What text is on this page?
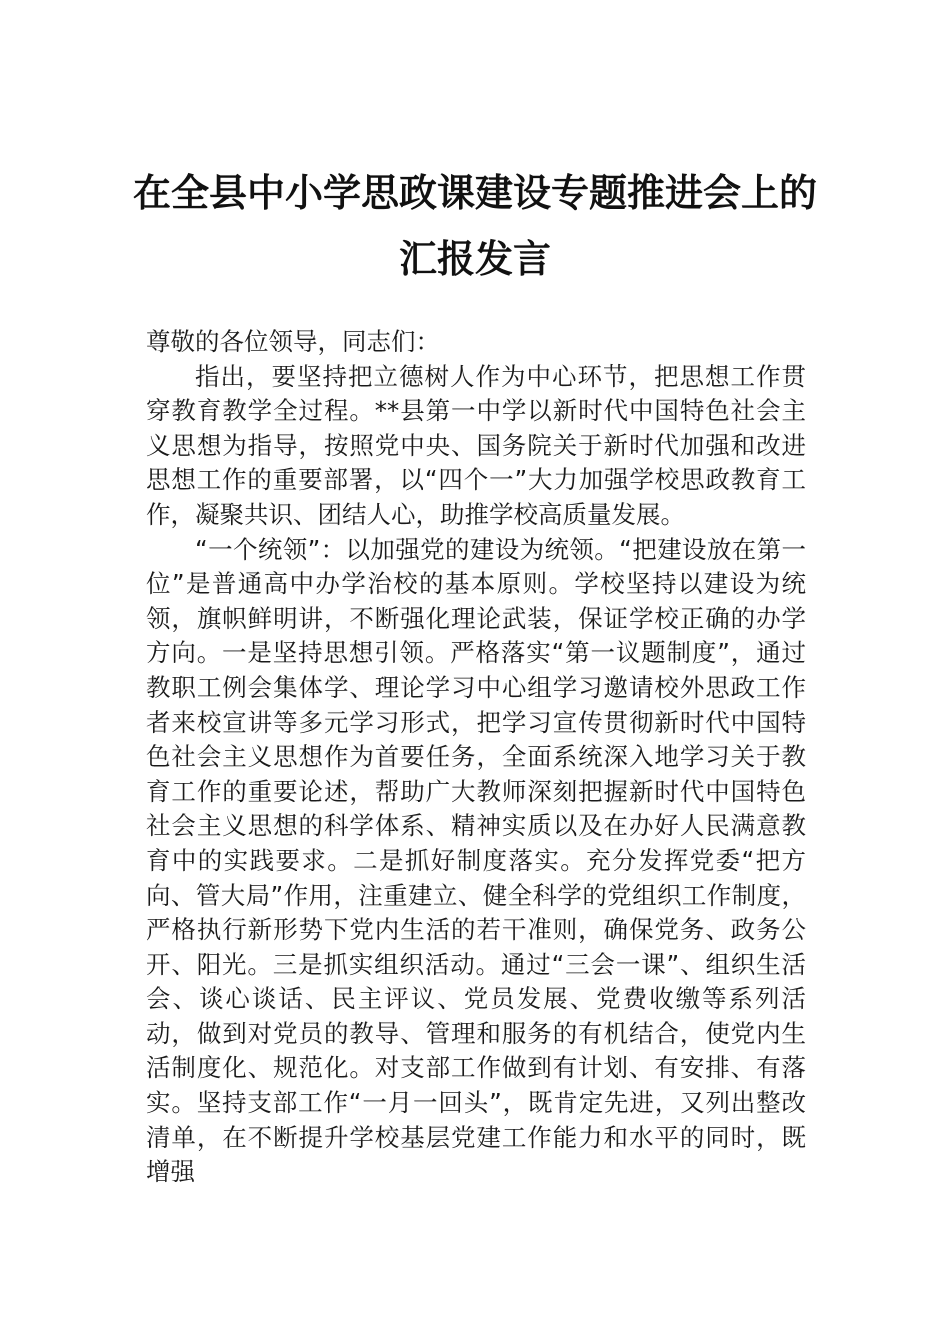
在全县中小学思政课建设专题推进会上的
汇报发言

尊敬的各位领导，同志们：

指出，要坚持把立德树人作为中心环节，把思想工作贯穿教育教学全过程。**县第一中学以新时代中国特色社会主义思想为指导，按照党中央、国务院关于新时代加强和改进思想工作的重要部署，以“四个一”大力加强学校思政教育工作，凝聚共识、团结人心，助推学校高质量发展。

“一个统领”：以加强党的建设为统领。“把建设放在第一位”是普通高中办学治校的基本原则。学校坚持以建设为统领，旗帜鲜明讲，不断强化理论武装，保证学校正确的办学方向。一是坚持思想引领。严格落实“第一议题制度”，通过教职工例会集体学、理论学习中心组学习邀请校外思政工作者来校宣讲等多元学习形式，把学习宣传贯彻新时代中国特色社会主义思想作为首要任务，全面系统深入地学习关于教育工作的重要论述，帮助广大教师深刻把握新时代中国特色社会主义思想的科学体系、精神实质以及在办好人民满意教育中的实践要求。二是抓好制度落实。充分发挥党委“把方向、管大局”作用，注重建立、健全科学的党组织工作制度，严格执行新形势下党内生活的若干准则，确保党务、政务公开、阳光。三是抓实组织活动。通过“三会一课”、组织生活会、谈心谈话、民主评议、党员发展、党费收缴等系列活动，做到对党员的教导、管理和服务的有机结合，使党内生活制度化、规范化。对支部工作做到有计划、有安排、有落实。坚持支部工作“一月一回头”，既肯定先进，又列出整改清单，在不断提升学校基层党建工作能力和水平的同时，既增强
